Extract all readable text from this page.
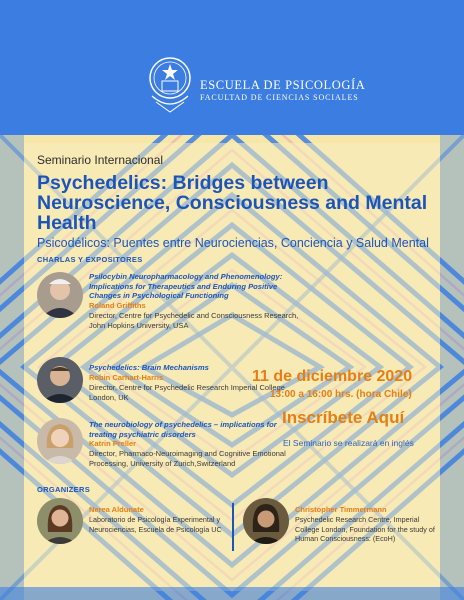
ESCUELA DE PSICOLOGÍA
FACULTAD DE CIENCIAS SOCIALES
Seminario Internacional
Psychedelics: Bridges between Neuroscience, Consciousness and Mental Health
Psicodélicos: Puentes entre Neurociencias, Conciencia y Salud Mental
CHARLAS Y EXPOSITORES
Psilocybin Neuropharmacology and Phenomenology: Implications for Therapeutics and Enduring Positive Changes in Psychological Functioning
Roland Griffiths
Director, Centre for Psychedelic and Consciousness Research, John Hopkins University, USA
Psychedelics: Brain Mechanisms
Robin Carhart-Harris
Director, Centre for Psychedelic Research Imperial College London, UK
The neurobiology of psychedelics – implications for treating psychiatric disorders
Katrin Preller
Director, Pharmaco-Neuroimaging and Cognitive Emotional Processing, University of Zurich,Switzerland
11 de diciembre 2020
13:00 a 16:00 hrs. (hora Chile)
Inscríbete Aquí
El Seminario se realizará en inglés
ORGANIZERS
Nerea Aldunate
Laboratorio de Psicología Experimental y Neurociencias, Escuela de Psicología UC
Christopher Timmermann
Psychedelic Research Centre, Imperial College London, Foundation for the study of Human Consciousness: (EcoH)
